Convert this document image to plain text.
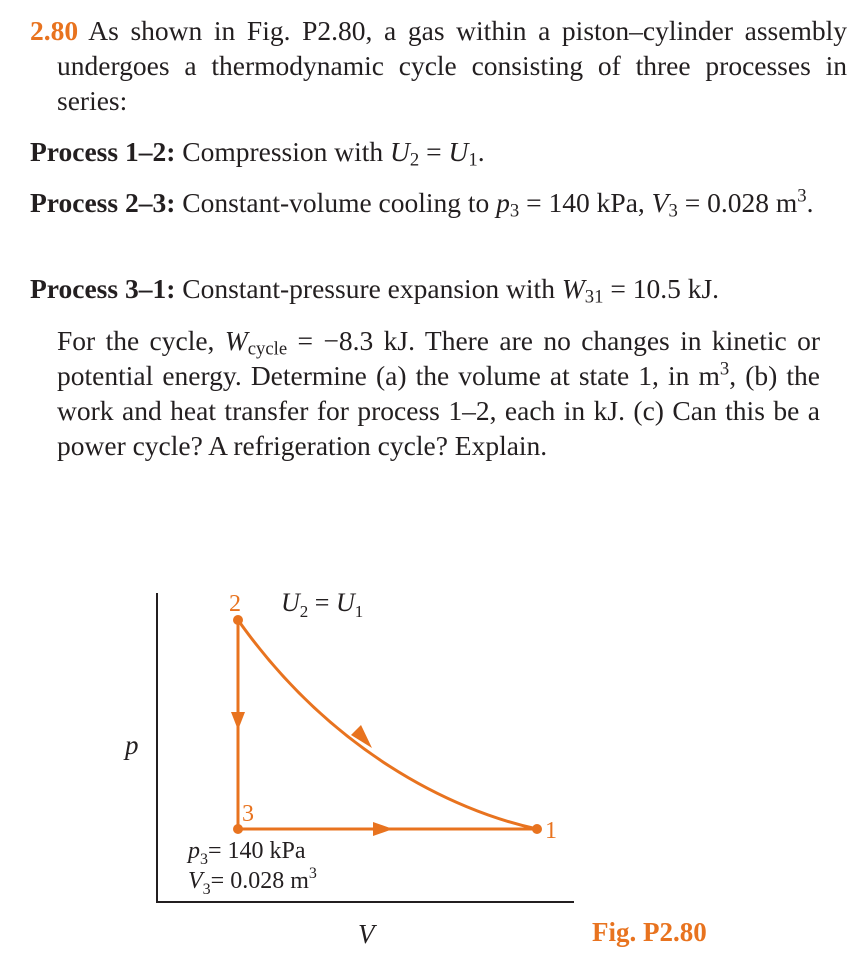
2.80 As shown in Fig. P2.80, a gas within a piston–cylinder assembly undergoes a thermodynamic cycle consisting of three processes in series:
Process 1–2: Compression with $U_2 = U_1$.
Process 2–3: Constant-volume cooling to $p_3 = 140$ kPa, $V_3 = 0.028$ $m^3$.
Process 3–1: Constant-pressure expansion with $W_{31} = 10.5$ kJ.
For the cycle, $W_{cycle} = -8.3$ kJ. There are no changes in kinetic or potential energy. Determine (a) the volume at state 1, in $m^3$, (b) the work and heat transfer for process 1–2, each in kJ. (c) Can this be a power cycle? A refrigeration cycle? Explain.
2
3
1
$U_2 = U_1$
p
V
$p_3= 140$ kPa
$V_3= 0.028$ $m^3$
Fig. P2.80
